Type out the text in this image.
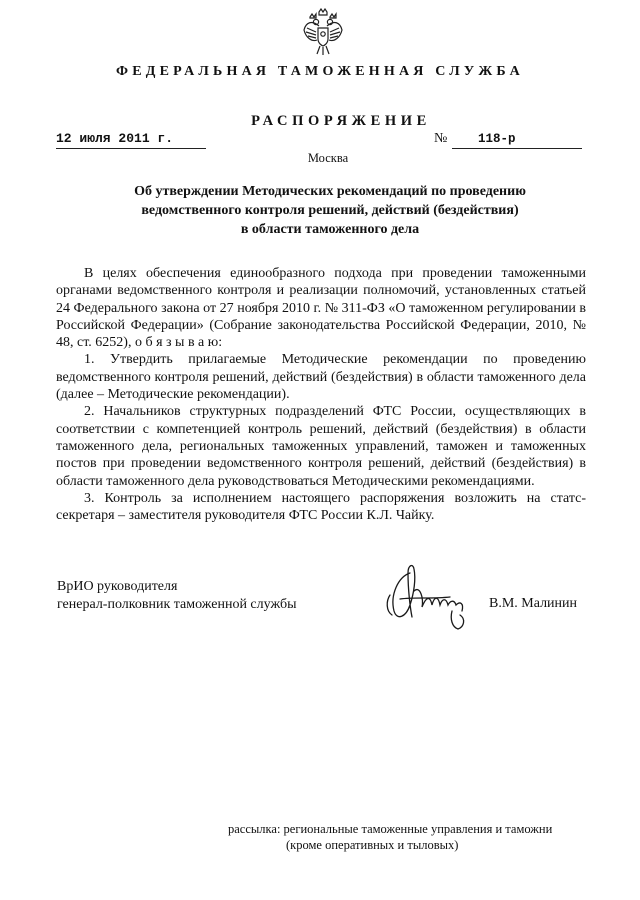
ФЕДЕРАЛЬНАЯ ТАМОЖЕННАЯ СЛУЖБА
РАСПОРЯЖЕНИЕ
12 июля 2011 г.	№ 118-р
Москва
Об утверждении Методических рекомендаций по проведению
ведомственного контроля решений, действий (бездействия)
в области таможенного дела

В целях обеспечения единообразного подхода при проведении таможенными органами ведомственного контроля и реализации полномочий, установленных статьей 24 Федерального закона от 27 ноября 2010 г. № 311-ФЗ «О таможенном регулировании в Российской Федерации» (Собрание законодательства Российской Федерации, 2010, № 48, ст. 6252), о б я з ы в а ю:

1. Утвердить прилагаемые Методические рекомендации по проведению ведомственного контроля решений, действий (бездействия) в области таможенного дела (далее – Методические рекомендации).

2. Начальников структурных подразделений ФТС России, осуществляющих в соответствии с компетенцией контроль решений, действий (бездействия) в области таможенного дела, региональных таможенных управлений, таможен и таможенных постов при проведении ведомственного контроля решений, действий (бездействия) в области таможенного дела руководствоваться Методическими рекомендациями.

3. Контроль за исполнением настоящего распоряжения возложить на статс-секретаря – заместителя руководителя ФТС России К.Л. Чайку.

ВрИО руководителя
генерал-полковник таможенной службы	В.М. Малинин
рассылка: региональные таможенные управления и таможни
(кроме оперативных и тыловых)
